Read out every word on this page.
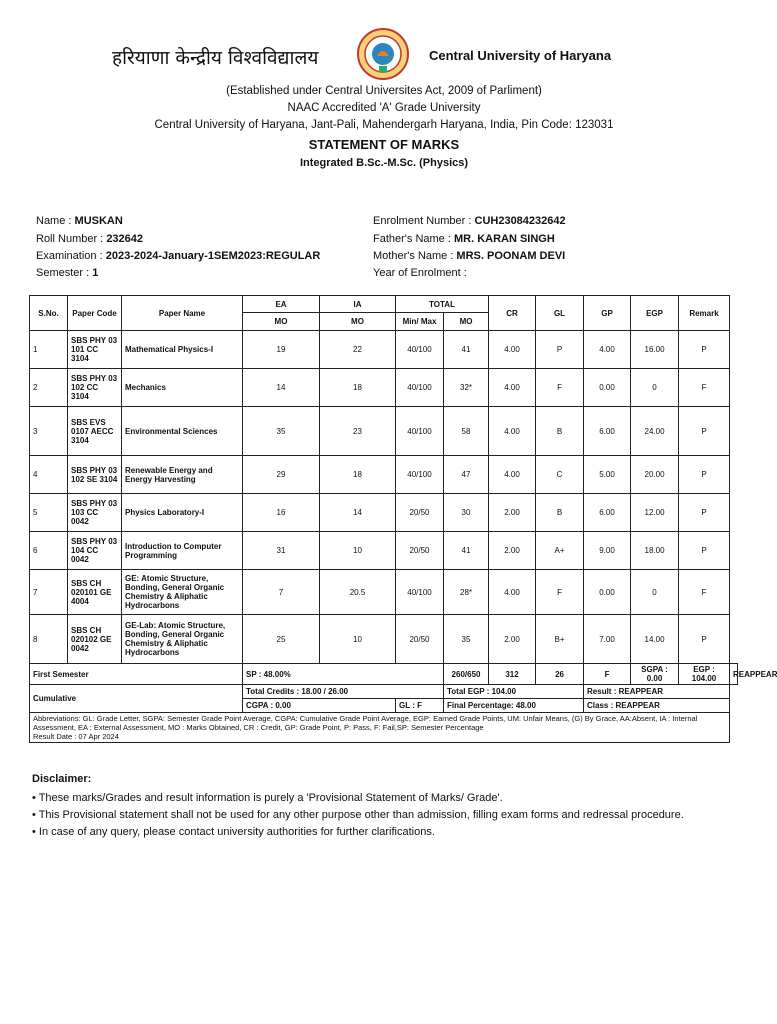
हरियाणा केन्द्रीय विश्वविद्यालय	Central University of Haryana
(Established under Central Universites Act, 2009 of Parliment)
NAAC Accredited 'A' Grade University
Central University of Haryana, Jant-Pali, Mahendergarh Haryana, India, Pin Code: 123031
STATEMENT OF MARKS
Integrated B.Sc.-M.Sc. (Physics)
Name : MUSKAN
Roll Number : 232642
Examination : 2023-2024-January-1SEM2023:REGULAR
Semester : 1
Enrolment Number : CUH23084232642
Father's Name : MR. KARAN SINGH
Mother's Name : MRS. POONAM DEVI
Year of Enrolment :
S.No.	Paper Code	Paper Name	EA	IA	TOTAL		CR	GL	GP	EGP	Remark	
			MO	MO	Min/ Max	MO						
1	SBS PHY 03 101 CC 3104	Mathematical Physics-I	19	22	40/100	41	4.00	P	4.00	16.00	P	
2	SBS PHY 03 102 CC 3104	Mechanics	14	18	40/100	32*	4.00	F	0.00	0	F	
3	SBS EVS 0107 AECC 3104	Environmental Sciences	35	23	40/100	58	4.00	B	6.00	24.00	P	
4	SBS PHY 03 102 SE 3104	Renewable Energy and Energy Harvesting	29	18	40/100	47	4.00	C	5.00	20.00	P	
5	SBS PHY 03 103 CC 0042	Physics Laboratory-I	16	14	20/50	30	2.00	B	6.00	12.00	P	
6	SBS PHY 03 104 CC 0042	Introduction to Computer Programming	31	10	20/50	41	2.00	A+	9.00	18.00	P	
7	SBS CH 020101 GE 4004	GE: Atomic Structure, Bonding, General Organic Chemistry & Aliphatic Hydrocarbons	7	20.5	40/100	28*	4.00	F	0.00	0	F	
8	SBS CH 020102 GE 0042	GE-Lab: Atomic Structure, Bonding, General Organic Chemistry & Aliphatic Hydrocarbons	25	10	20/50	35	2.00	B+	7.00	14.00	P	
First Semester			SP : 48.00%			260/650	312	26	F	SGPA : 0.00	EGP : 104.00	REAPPEAR
Cumulative			Total Credits : 18.00 / 26.00			Total EGP : 104.00			Result : REAPPEAR			
			CGPA : 0.00		GL : F	Final Percentage: 48.00			Class : REAPPEAR			

Abbreviations: GL: Grade Letter, SGPA: Semester Grade Point Average, CGPA: Cumulative Grade Point Average, EGP: Earned Grade Points, UM: Unfair Means, (G) By Grace, AA:Absent, IA : Internal Assessment, EA : External Assessment, MO : Marks Obtained, CR : Credit, GP: Grade Point, P: Pass, F: Fail,SP: Semester Percentage
Result Date : 07 Apr 2024												
Disclaimer:
• These marks/Grades and result information is purely a 'Provisional Statement of Marks/ Grade'.
• This Provisional statement shall not be used for any other purpose other than admission, filling exam forms and redressal procedure.
• In case of any query, please contact university authorities for further clarifications.
